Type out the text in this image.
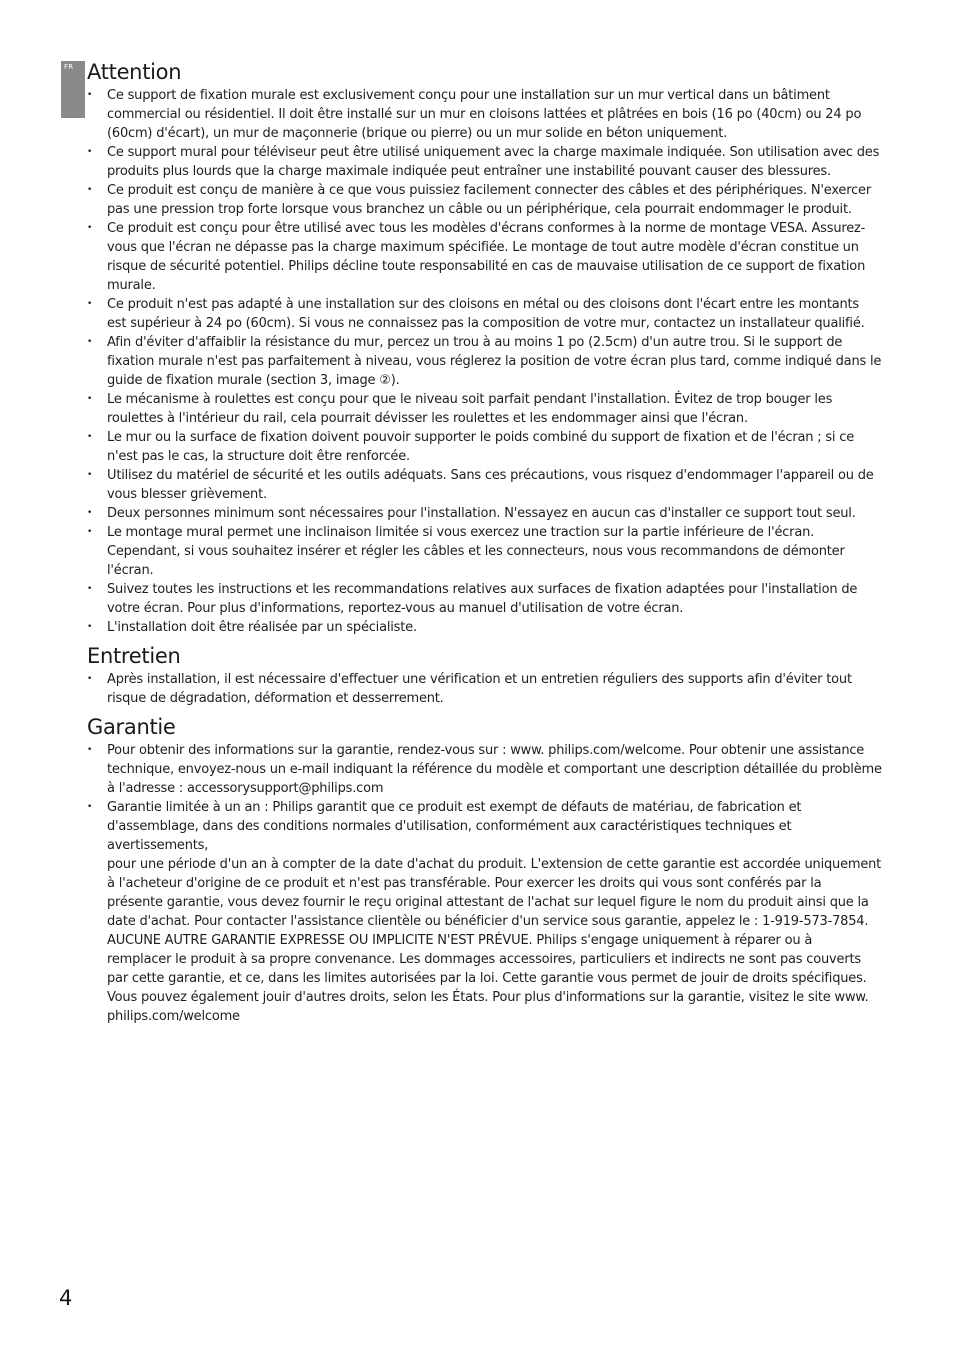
FR Attention
•	Ce support de fixation murale est exclusivement conçu pour une installation sur un mur vertical dans un bâtiment
commercial ou résidentiel. Il doit être installé sur un mur en cloisons lattées et plâtrées en bois (16 po (40cm) ou 24 po
(60cm) d'écart), un mur de maçonnerie (brique ou pierre) ou un mur solide en béton uniquement.
•	Ce support mural pour téléviseur peut être utilisé uniquement avec la charge maximale indiquée. Son utilisation avec des
produits plus lourds que la charge maximale indiquée peut entraîner une instabilité pouvant causer des blessures.
•	Ce produit est conçu de manière à ce que vous puissiez facilement connecter des câbles et des périphériques. N'exercer
pas une pression trop forte lorsque vous branchez un câble ou un périphérique, cela pourrait endommager le produit.
•	Ce produit est conçu pour être utilisé avec tous les modèles d'écrans conformes à la norme de montage VESA. Assurez-
vous que l'écran ne dépasse pas la charge maximum spécifiée. Le montage de tout autre modèle d'écran constitue un
risque de sécurité potentiel. Philips décline toute responsabilité en cas de mauvaise utilisation de ce support de fixation
murale.
•	Ce produit n'est pas adapté à une installation sur des cloisons en métal ou des cloisons dont l'écart entre les montants
est supérieur à 24 po (60cm). Si vous ne connaissez pas la composition de votre mur, contactez un installateur qualifié.
•	Afin d'éviter d'affaiblir la résistance du mur, percez un trou à au moins 1 po (2.5cm) d'un autre trou. Si le support de
fixation murale n'est pas parfaitement à niveau, vous réglerez la position de votre écran plus tard, comme indiqué dans le
guide de fixation murale (section 3, image ②).
•	Le mécanisme à roulettes est conçu pour que le niveau soit parfait pendant l'installation. Évitez de trop bouger les
roulettes à l'intérieur du rail, cela pourrait dévisser les roulettes et les endommager ainsi que l'écran.
•	Le mur ou la surface de fixation doivent pouvoir supporter le poids combiné du support de fixation et de l'écran ; si ce
n'est pas le cas, la structure doit être renforcée.
•	Utilisez du matériel de sécurité et les outils adéquats. Sans ces précautions, vous risquez d'endommager l'appareil ou de
vous blesser grièvement.
•	Deux personnes minimum sont nécessaires pour l'installation. N'essayez en aucun cas d'installer ce support tout seul.
•	Le montage mural permet une inclinaison limitée si vous exercez une traction sur la partie inférieure de l'écran.
Cependant, si vous souhaitez insérer et régler les câbles et les connecteurs, nous vous recommandons de démonter
l'écran.
•	Suivez toutes les instructions et les recommandations relatives aux surfaces de fixation adaptées pour l'installation de
votre écran. Pour plus d'informations, reportez-vous au manuel d'utilisation de votre écran.
•	L'installation doit être réalisée par un spécialiste.
Entretien
•	Après installation, il est nécessaire d'effectuer une vérification et un entretien réguliers des supports afin d'éviter tout
risque de dégradation, déformation et desserrement.
Garantie
•	Pour obtenir des informations sur la garantie, rendez-vous sur : www. philips.com/welcome. Pour obtenir une assistance
technique, envoyez-nous un e-mail indiquant la référence du modèle et comportant une description détaillée du problème
à l'adresse : accessorysupport@philips.com
•	Garantie limitée à un an : Philips garantit que ce produit est exempt de défauts de matériau, de fabrication et
d'assemblage, dans des conditions normales d'utilisation, conformément aux caractéristiques techniques et avertissements,
pour une période d'un an à compter de la date d'achat du produit. L'extension de cette garantie est accordée uniquement
à l'acheteur d'origine de ce produit et n'est pas transférable. Pour exercer les droits qui vous sont conférés par la
présente garantie, vous devez fournir le reçu original attestant de l'achat sur lequel figure le nom du produit ainsi que la
date d'achat. Pour contacter l'assistance clientèle ou bénéficier d'un service sous garantie, appelez le : 1-919-573-7854.
AUCUNE AUTRE GARANTIE EXPRESSE OU IMPLICITE N'EST PRÉVUE. Philips s'engage uniquement à réparer ou à
remplacer le produit à sa propre convenance. Les dommages accessoires, particuliers et indirects ne sont pas couverts
par cette garantie, et ce, dans les limites autorisées par la loi. Cette garantie vous permet de jouir de droits spécifiques.
Vous pouvez également jouir d'autres droits, selon les États. Pour plus d'informations sur la garantie, visitez le site www.
philips.com/welcome
4
